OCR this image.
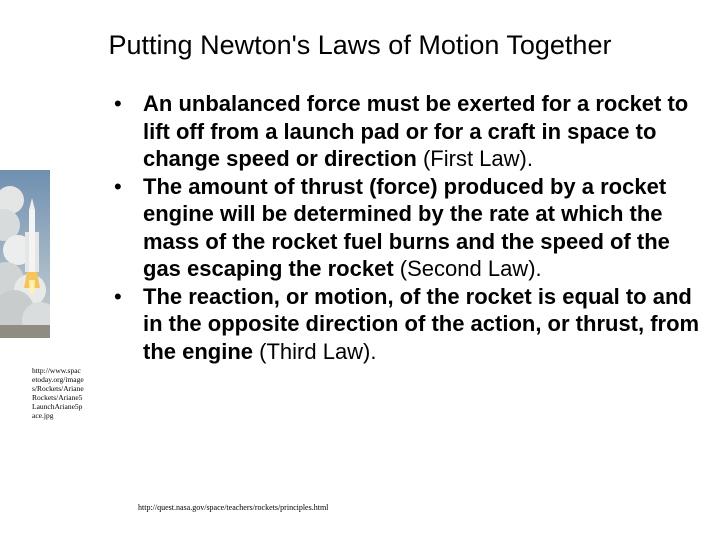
Putting Newton's Laws of Motion Together
http://www.spacetoday.org/images/Rockets/ArianeRockets/Ariane5LaunchAriane5pace.jpg
• An unbalanced force must be exerted for a rocket to lift off from a launch pad or for a craft in space to change speed or direction (First Law).
• The amount of thrust (force) produced by a rocket engine will be determined by the rate at which the mass of the rocket fuel burns and the speed of the gas escaping the rocket (Second Law).
• The reaction, or motion, of the rocket is equal to and in the opposite direction of the action, or thrust, from the engine (Third Law).
http://quest.nasa.gov/space/teachers/rockets/principles.html
